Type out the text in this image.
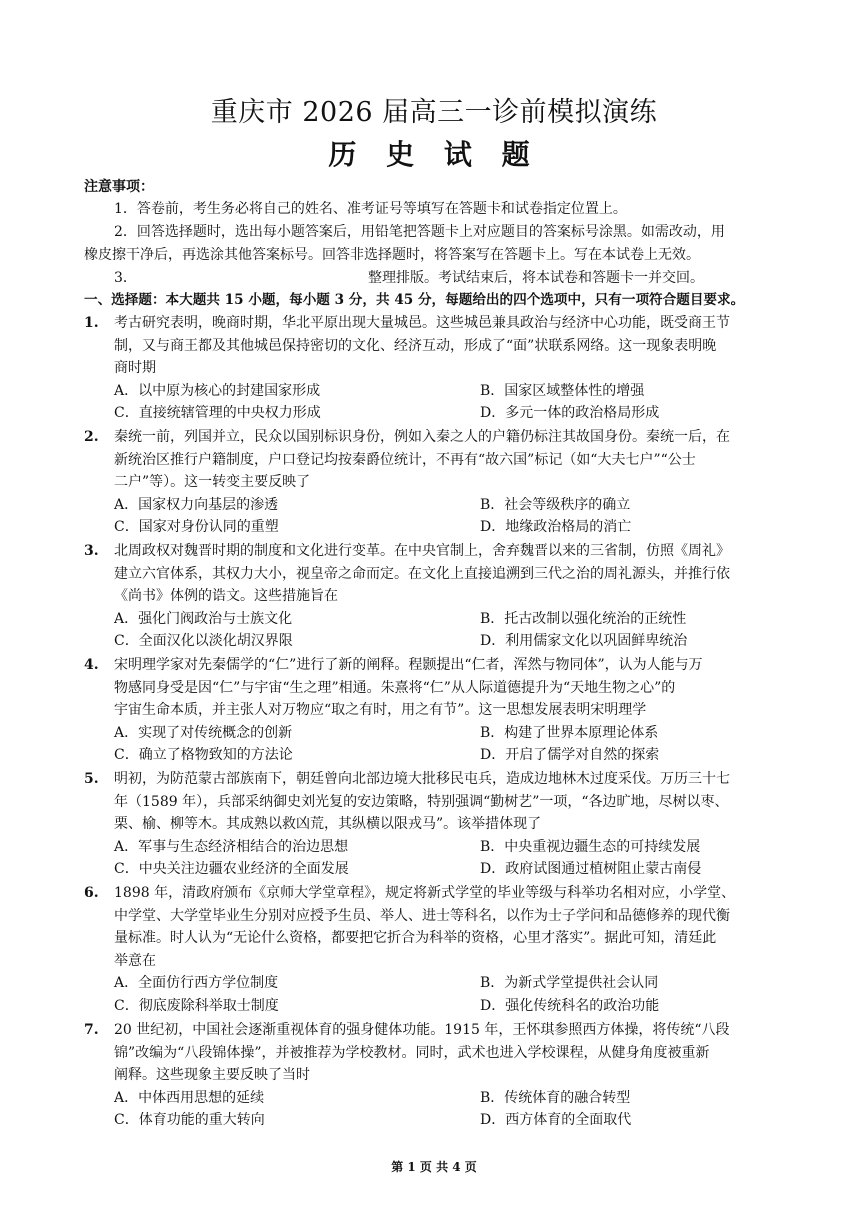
重庆市 2026 届高三一诊前模拟演练
历 史 试 题
注意事项：
1．答卷前，考生务必将自己的姓名、准考证号等填写在答题卡和试卷指定位置上。
2．回答选择题时，选出每小题答案后，用铅笔把答题卡上对应题目的答案标号涂黑。如需改动，用
橡皮擦干净后，再选涂其他答案标号。回答非选择题时，将答案写在答题卡上。写在本试卷上无效。
3．	整理排版。考试结束后，将本试卷和答题卡一并交回。
一、选择题：本大题共 15 小题，每小题 3 分，共 45 分，每题给出的四个选项中，只有一项符合题目要求。
1. 考古研究表明，晚商时期，华北平原出现大量城邑。这些城邑兼具政治与经济中心功能，既受商王节
制，又与商王都及其他城邑保持密切的文化、经济互动，形成了“面”状联系网络。这一现象表明晚
商时期
A．以中原为核心的封建国家形成	B．国家区域整体性的增强
C．直接统辖管理的中央权力形成	D．多元一体的政治格局形成
2. 秦统一前，列国并立，民众以国别标识身份，例如入秦之人的户籍仍标注其故国身份。秦统一后，在
新统治区推行户籍制度，户口登记均按秦爵位统计，不再有“故六国”标记（如“大夫七户”“公士
二户”等）。这一转变主要反映了
A．国家权力向基层的渗透	B．社会等级秩序的确立
C．国家对身份认同的重塑	D．地缘政治格局的消亡
3. 北周政权对魏晋时期的制度和文化进行变革。在中央官制上，舍弃魏晋以来的三省制，仿照《周礼》
建立六官体系，其权力大小，视皇帝之命而定。在文化上直接追溯到三代之治的周礼源头，并推行依
《尚书》体例的诰文。这些措施旨在
A．强化门阀政治与士族文化	B．托古改制以强化统治的正统性
C．全面汉化以淡化胡汉界限	D．利用儒家文化以巩固鲜卑统治
4. 宋明理学家对先秦儒学的“仁”进行了新的阐释。程颢提出“仁者，浑然与物同体”，认为人能与万
物感同身受是因“仁”与宇宙“生之理”相通。朱熹将“仁”从人际道德提升为“天地生物之心”的
宇宙生命本质，并主张人对万物应“取之有时，用之有节”。这一思想发展表明宋明理学
A．实现了对传统概念的创新	B．构建了世界本原理论体系
C．确立了格物致知的方法论	D．开启了儒学对自然的探索
5. 明初，为防范蒙古部族南下，朝廷曾向北部边境大批移民屯兵，造成边地林木过度采伐。万历三十七
年（1589 年），兵部采纳御史刘光复的安边策略，特别强调“勤树艺”一项，“各边旷地，尽树以枣、
栗、榆、柳等木。其成熟以救凶荒，其纵横以限戎马”。该举措体现了
A．军事与生态经济相结合的治边思想	B．中央重视边疆生态的可持续发展
C．中央关注边疆农业经济的全面发展	D．政府试图通过植树阻止蒙古南侵
6. 1898 年，清政府颁布《京师大学堂章程》，规定将新式学堂的毕业等级与科举功名相对应，小学堂、
中学堂、大学堂毕业生分别对应授予生员、举人、进士等科名，以作为士子学问和品德修养的现代衡
量标准。时人认为“无论什么资格，都要把它折合为科举的资格，心里才落实”。据此可知，清廷此
举意在
A．全面仿行西方学位制度	B．为新式学堂提供社会认同
C．彻底废除科举取士制度	D．强化传统科名的政治功能
7. 20 世纪初，中国社会逐渐重视体育的强身健体功能。1915 年，王怀琪参照西方体操，将传统“八段
锦”改编为“八段锦体操”，并被推荐为学校教材。同时，武术也进入学校课程，从健身角度被重新
阐释。这些现象主要反映了当时
A．中体西用思想的延续	B．传统体育的融合转型
C．体育功能的重大转向	D．西方体育的全面取代
第 1 页 共 4 页
